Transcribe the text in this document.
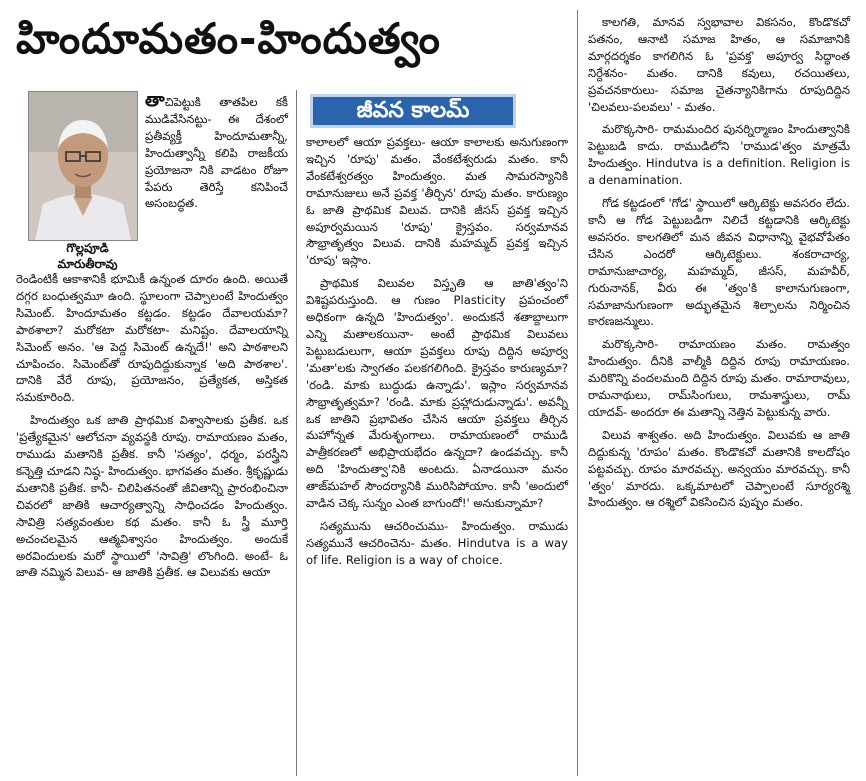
హిందూమతం-హిందుత్వం
గొల్లపూడి
మారుతీరావు
జీవన కాలమ్

తాచిపెట్టుకి తాతపిల కకీ ముడివేసినట్టు- ఈ దేశంలో ప్రతీవ్యక్తీ హిందూమతాన్నీ, హిందుత్వాన్నీ కలిపి రాజకీయ ప్రయోజనా నికి వాడటం రోజూ పేపరు తెరిస్తే కనిపించే అసంబద్ధత.

రెండింటికీ ఆకాశానికీ భూమికీ ఉన్నంత దూరం ఉంది. అయితే దగ్గర బంధుత్వమూ ఉంది. స్థూలంగా చెప్పాలంటే హిందుత్వం సిమెంట్. హిందూమతం కట్టడం. కట్టడం దేవాలయమా? పాఠశాలా? మరోకటా మరోకటా- మనిష్టం. దేవాలయాన్ని సిమెంట్ అనం. 'ఆ పెద్ద సిమెంట్ ఉన్నదే!' అని పాఠశాలని చూపించం. సిమెంట్‌తో రూపుదిద్దుకున్నాక 'అది పాఠశాల'. దానికి వేరే రూపు, ప్రయోజనం, ప్రత్యేకత, అస్తికత సమకూరింది.

హిందుత్వం ఒక జాతి ప్రాథమిక విశ్వాసాలకు ప్రతీక. ఒక 'ప్రత్యేకమైన' ఆలోచనా వ్యవస్థకి రూపు. రామాయణం మతం, రాముడు మతానికి ప్రతీక. కానీ 'సత్యం', ధర్మం, పరస్త్రీని కన్నెత్తి చూడని నిష్ఠ- హిందుత్వం. భాగవతం మతం. శ్రీకృష్ణుడు మతానికి ప్రతీక. కానీ- చిలిపితనంతో జీవితాన్ని ప్రారంభించినా చివరలో జాతికి ఆచార్యత్వాన్ని సాధించడం హిందుత్వం. సావిత్రి సత్యవంతుల కథ మతం. కానీ ఓ స్త్రీ మూర్తి అచంచలమైన ఆత్మవిశ్వాసం హిందుత్వం. అందుకే అరవిందులకు మరో స్థాయిలో 'సావిత్రి' లొంగింది. అంటే- ఓ జాతి నమ్మిన విలువ- ఆ జాతికి ప్రతీక. ఆ విలువకు ఆయా

కాలాలలో ఆయా ప్రవక్తలు- ఆయా కాలాలకు అనుగుణంగా ఇచ్చిన 'రూపు' మతం. వేంకటేశ్వరుడు మతం. కానీ వేంకటేశ్వరత్వం హిందుత్వం. మత సామరస్యానికి రామానుజులు అనే ప్రవక్త 'తీర్చిన' రూపు మతం. కారుణ్యం ఓ జాతి ప్రాథమిక విలువ. దానికి జీసస్ ప్రవక్త ఇచ్చిన అపూర్వమయిన 'రూపు' క్రైస్తవం. సర్వమానవ సౌభ్రాతృత్వం విలువ. దానికి మహమ్మద్ ప్రవక్త ఇచ్చిన 'రూపు' ఇస్లాం.

ప్రాథమిక విలువల విస్తృతి ఆ జాతి'త్వం'ని విశిష్టపరుస్తుంది. ఆ గుణం Plasticity ప్రపంచంలో అధికంగా ఉన్నది 'హిందుత్వం'. అందుకనే శతాబ్దాలుగా ఎన్ని మతాలకయినా- అంటే ప్రాథమిక విలువలు పెట్టుబడులుగా, ఆయా ప్రవక్తలు రూపు దిద్దిన అపూర్వ 'మతా'లకు స్వాగతం పలకగలిగింది. క్రైస్తవం కారుణ్యమా? 'రండి. మాకు బుద్ధుడు ఉన్నాడు'. ఇస్లాం సర్వమానవ సౌభ్రాతృత్వమా? 'రండి. మాకు ప్రహ్లాదుడున్నాడు'. అవన్నీ ఒక జాతిని ప్రభావితం చేసిన ఆయా ప్రవక్తలు తీర్చిన మహోన్నత మేరుశృంగాలు. రామాయణంలో రాముడి పాత్రీకరణలో అభిప్రాయభేదం ఉన్నదా? ఉండవచ్చు. కానీ అది 'హిందుత్వా'నికి అంటదు. ఏనాడయినా మనం తాజ్‌మహల్ సౌందర్యానికి మురిసిపోయాం. కానీ 'అందులో వాడిన చెక్క సున్నం ఎంత బాగుందో!' అనుకున్నామా?

సత్యమును ఆచరించుము- హిందుత్వం. రాముడు సత్యమునే ఆచరించెను- మతం. Hindutva is a way of life. Religion is a way of choice.

కాలగతి, మానవ స్వభావాల వికసనం, కొండొకచో పతనం, ఆనాటి సమాజ హితం, ఆ సమాజానికి మార్గదర్శకం కాగలిగిన ఓ 'ప్రవక్త' అపూర్వ సిద్ధాంత నిర్దేశనం- మతం. దానికి కవులు, రచయితలు, ప్రవచనకారులు- సమాజ చైతన్యానికిగాను రూపుదిద్దిన 'చిలవలు-పలవలు' - మతం.

మరొక్కసారి- రామమందిర పునర్నిర్మాణం హిందుత్వానికి పెట్టుబడి కాదు. రాముడిలోని 'రాముడ'త్వం మాత్రమే హిందుత్వం. Hindutva is a definition. Religion is a denamination.

గోడ కట్టడంలో 'గోడ' స్థాయిలో ఆర్కిటెక్టు అవసరం లేదు. కానీ ఆ గోడ పెట్టుబడిగా నిలిచే కట్టడానికి ఆర్కిటెక్టు అవసరం. కాలగతిలో మన జీవన విధానాన్ని వైభవోపేతం చేసిన ఎందరో ఆర్కిటెక్టులు. శంకరాచార్య, రామానుజాచార్య, మహమ్మద్, జీసస్, మహవీర్, గురునానక్, వీరు ఈ 'త్వం'కి కాలానుగుణంగా, సమాజానుగుణంగా అద్భుతమైన శిల్పాలను నిర్మించిన కారణజన్ములు.

మరొక్కసారి- రామాయణం మతం. రామత్వం హిందుత్వం. దీనికి వాల్మీకి దిద్దిన రూపు రామాయణం. మరికొన్ని వందలమంది దిద్దిన రూపు మతం. రామారావులు, రామనాథులు, రామ్‌సింగులు, రామశాస్త్రులు, రామ్ యాదవ్- అందరూ ఈ మతాన్ని నెత్తిన పెట్టుకున్న వారు.

విలువ శాశ్వతం. అది హిందుత్వం. విలువకు ఆ జాతి దిద్దుకున్న 'రూపం' మతం. కొండొకచో మతానికి కాలదోషం పట్టవచ్చు. రూపం మారవచ్చు. అన్వయం మారవచ్చు. కానీ 'త్వం' మారదు. ఒక్కమాటలో చెప్పాలంటే సూర్యరశ్మి హిందుత్వం. ఆ రశ్మిలో వికసించిన పుష్పం మతం.
